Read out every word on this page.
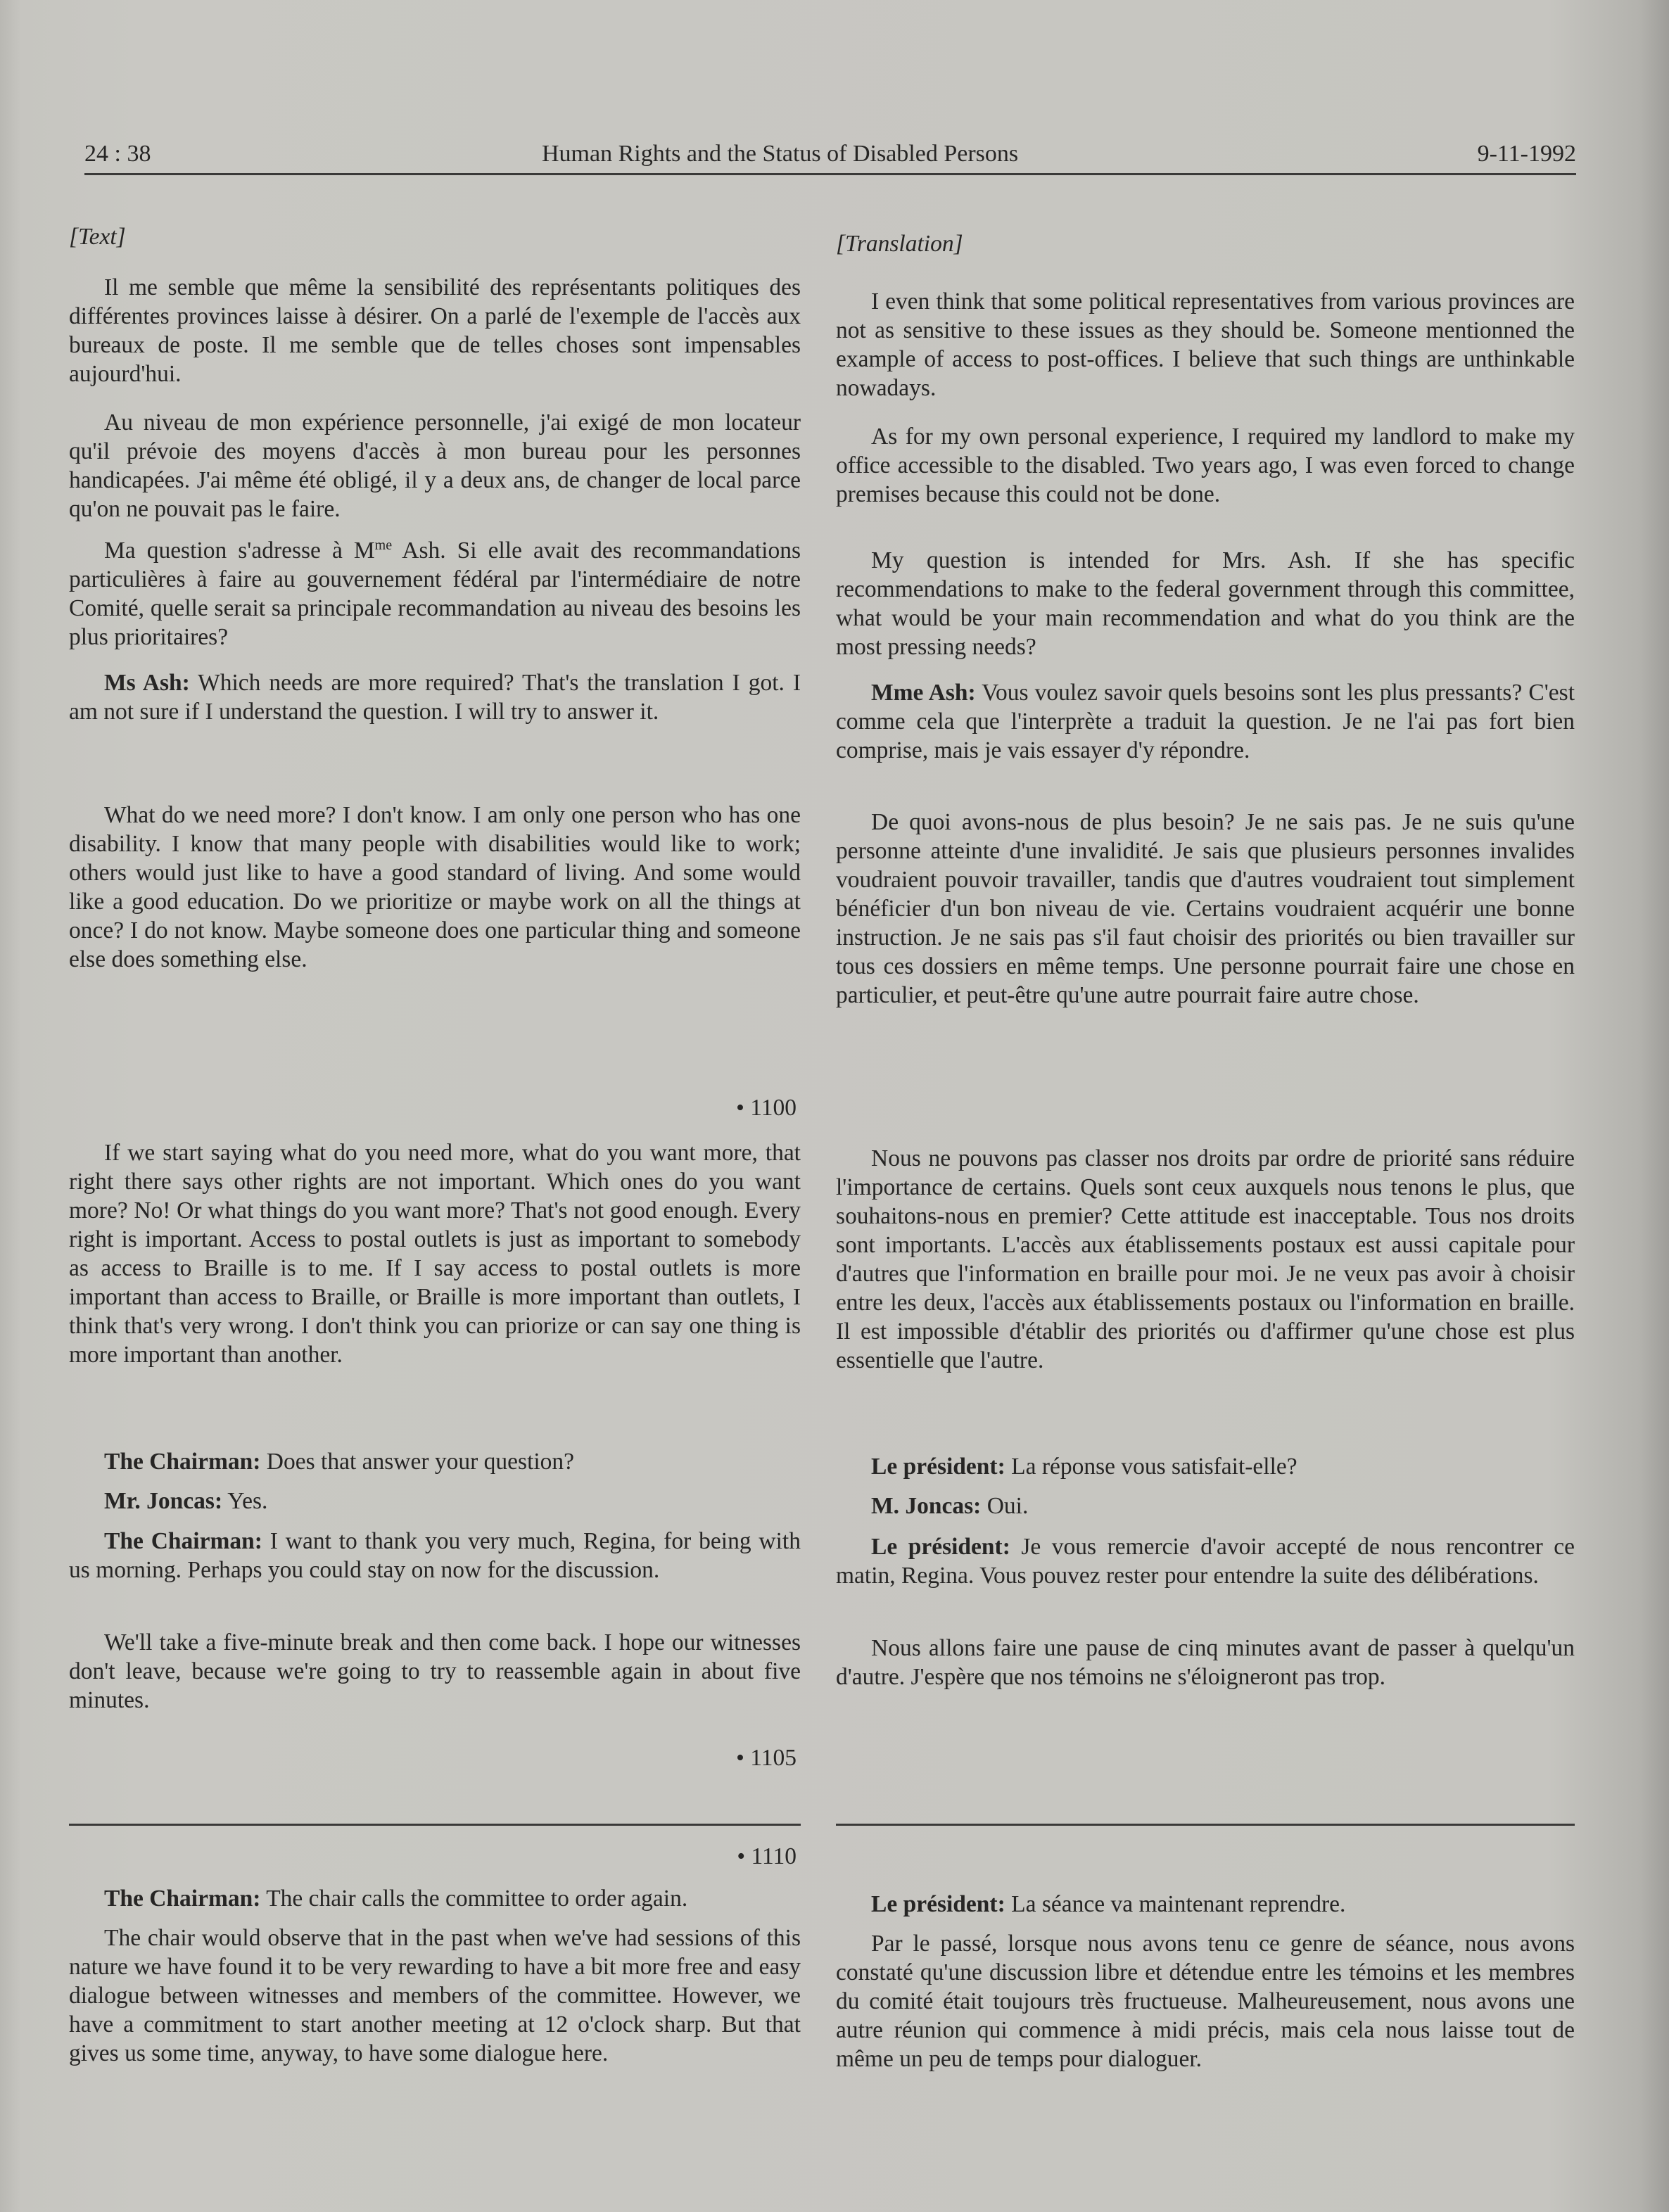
24 : 38	Human Rights and the Status of Disabled Persons	9-11-1992

[Text]

Il me semble que même la sensibilité des représentants politiques des différentes provinces laisse à désirer. On a parlé de l'exemple de l'accès aux bureaux de poste. Il me semble que de telles choses sont impensables aujourd'hui.

Au niveau de mon expérience personnelle, j'ai exigé de mon locateur qu'il prévoie des moyens d'accès à mon bureau pour les personnes handicapées. J'ai même été obligé, il y a deux ans, de changer de local parce qu'on ne pouvait pas le faire.

Ma question s'adresse à $M^{me}$ Ash. Si elle avait des recommandations particulières à faire au gouvernement fédéral par l'intermédiaire de notre Comité, quelle serait sa principale recommandation au niveau des besoins les plus prioritaires?

Ms Ash: Which needs are more required? That's the translation I got. I am not sure if I understand the question. I will try to answer it.

What do we need more? I don't know. I am only one person who has one disability. I know that many people with disabilities would like to work; others would just like to have a good standard of living. And some would like a good education. Do we prioritize or maybe work on all the things at once? I do not know. Maybe someone does one particular thing and someone else does something else.

• 1100

If we start saying what do you need more, what do you want more, that right there says other rights are not important. Which ones do you want more? No! Or what things do you want more? That's not good enough. Every right is important. Access to postal outlets is just as important to somebody as access to Braille is to me. If I say access to postal outlets is more important than access to Braille, or Braille is more important than outlets, I think that's very wrong. I don't think you can priorize or can say one thing is more important than another.

The Chairman: Does that answer your question?

Mr. Joncas: Yes.

The Chairman: I want to thank you very much, Regina, for being with us morning. Perhaps you could stay on now for the discussion.

We'll take a five-minute break and then come back. I hope our witnesses don't leave, because we're going to try to reassemble again in about five minutes.

• 1105
• 1110

The Chairman: The chair calls the committee to order again.

The chair would observe that in the past when we've had sessions of this nature we have found it to be very rewarding to have a bit more free and easy dialogue between witnesses and members of the committee. However, we have a commitment to start another meeting at 12 o'clock sharp. But that gives us some time, anyway, to have some dialogue here.

[Translation]

I even think that some political representatives from various provinces are not as sensitive to these issues as they should be. Someone mentionned the example of access to post-offices. I believe that such things are unthinkable nowadays.

As for my own personal experience, I required my landlord to make my office accessible to the disabled. Two years ago, I was even forced to change premises because this could not be done.

My question is intended for Mrs. Ash. If she has specific recommendations to make to the federal government through this committee, what would be your main recommendation and what do you think are the most pressing needs?

Mme Ash: Vous voulez savoir quels besoins sont les plus pressants? C'est comme cela que l'interprète a traduit la question. Je ne l'ai pas fort bien comprise, mais je vais essayer d'y répondre.

De quoi avons-nous de plus besoin? Je ne sais pas. Je ne suis qu'une personne atteinte d'une invalidité. Je sais que plusieurs personnes invalides voudraient pouvoir travailler, tandis que d'autres voudraient tout simplement bénéficier d'un bon niveau de vie. Certains voudraient acquérir une bonne instruction. Je ne sais pas s'il faut choisir des priorités ou bien travailler sur tous ces dossiers en même temps. Une personne pourrait faire une chose en particulier, et peut-être qu'une autre pourrait faire autre chose.

Nous ne pouvons pas classer nos droits par ordre de priorité sans réduire l'importance de certains. Quels sont ceux auxquels nous tenons le plus, que souhaitons-nous en premier? Cette attitude est inacceptable. Tous nos droits sont importants. L'accès aux établissements postaux est aussi capitale pour d'autres que l'information en braille pour moi. Je ne veux pas avoir à choisir entre les deux, l'accès aux établissements postaux ou l'information en braille. Il est impossible d'établir des priorités ou d'affirmer qu'une chose est plus essentielle que l'autre.

Le président: La réponse vous satisfait-elle?

M. Joncas: Oui.

Le président: Je vous remercie d'avoir accepté de nous rencontrer ce matin, Regina. Vous pouvez rester pour entendre la suite des délibérations.

Nous allons faire une pause de cinq minutes avant de passer à quelqu'un d'autre. J'espère que nos témoins ne s'éloigneront pas trop.

Le président: La séance va maintenant reprendre.

Par le passé, lorsque nous avons tenu ce genre de séance, nous avons constaté qu'une discussion libre et détendue entre les témoins et les membres du comité était toujours très fructueuse. Malheureusement, nous avons une autre réunion qui commence à midi précis, mais cela nous laisse tout de même un peu de temps pour dialoguer.
